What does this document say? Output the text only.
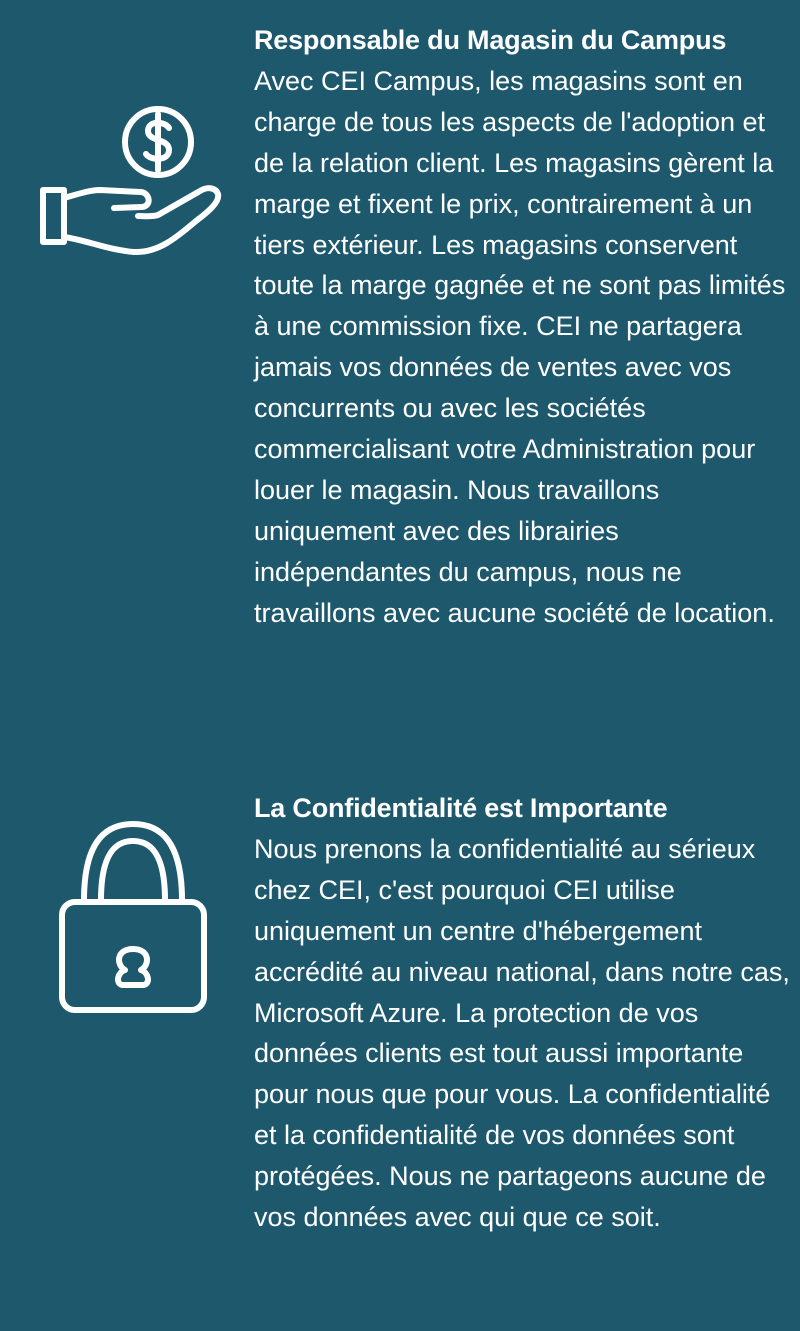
Responsable du Magasin du Campus

Avec CEI Campus, les magasins sont en charge de tous les aspects de l'adoption et de la relation client. Les magasins gèrent la marge et fixent le prix, contrairement à un tiers extérieur. Les magasins conservent toute la marge gagnée et ne sont pas limités à une commission fixe. CEI ne partagera jamais vos données de ventes avec vos concurrents ou avec les sociétés commercialisant votre Administration pour louer le magasin. Nous travaillons uniquement avec des librairies indépendantes du campus, nous ne travaillons avec aucune société de location.

La Confidentialité est Importante

Nous prenons la confidentialité au sérieux chez CEI, c'est pourquoi CEI utilise uniquement un centre d'hébergement accrédité au niveau national, dans notre cas, Microsoft Azure. La protection de vos données clients est tout aussi importante pour nous que pour vous. La confidentialité et la confidentialité de vos données sont protégées. Nous ne partageons aucune de vos données avec qui que ce soit.
